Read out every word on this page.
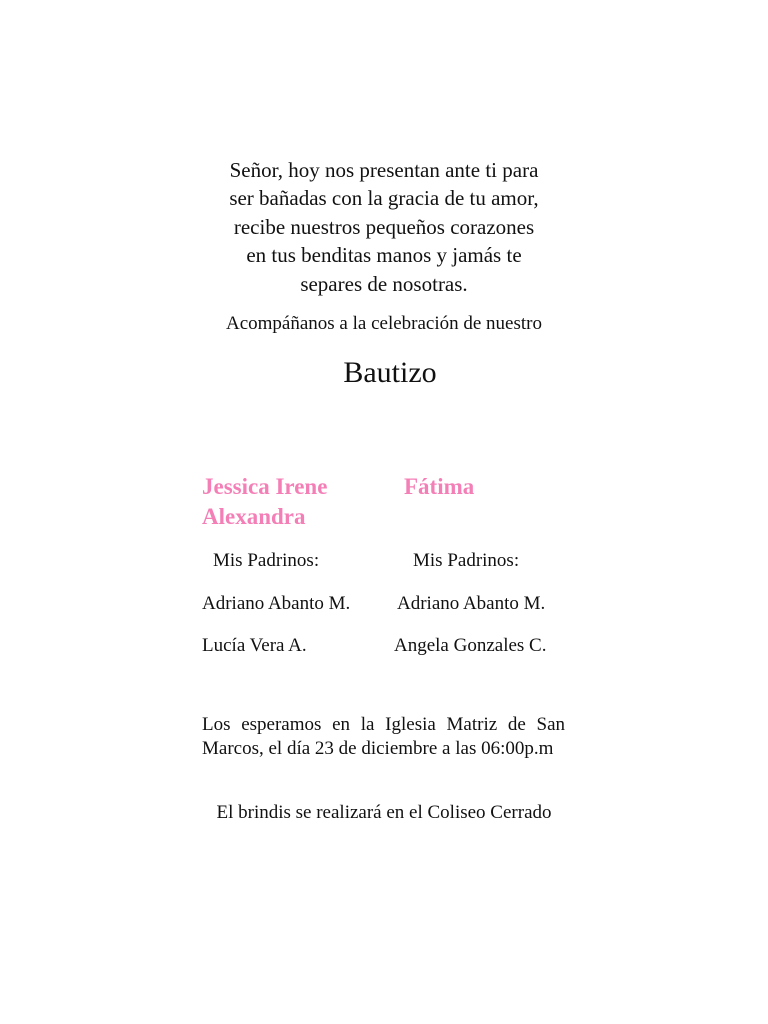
Señor, hoy nos presentan ante ti para
ser bañadas con la gracia de tu amor,
recibe nuestros pequeños corazones
en tus benditas manos y jamás te
separes de nosotras.
Acompáñanos a la celebración de nuestro
Bautizo
Jessica Irene
Alexandra
Fátima
Mis Padrinos:	Mis Padrinos:
Adriano Abanto M. Adriano Abanto M.
Lucía Vera A.	Angela Gonzales C.
Los esperamos en la Iglesia Matriz de San Marcos, el día 23 de diciembre a las 06:00p.m
El brindis se realizará en el Coliseo Cerrado
